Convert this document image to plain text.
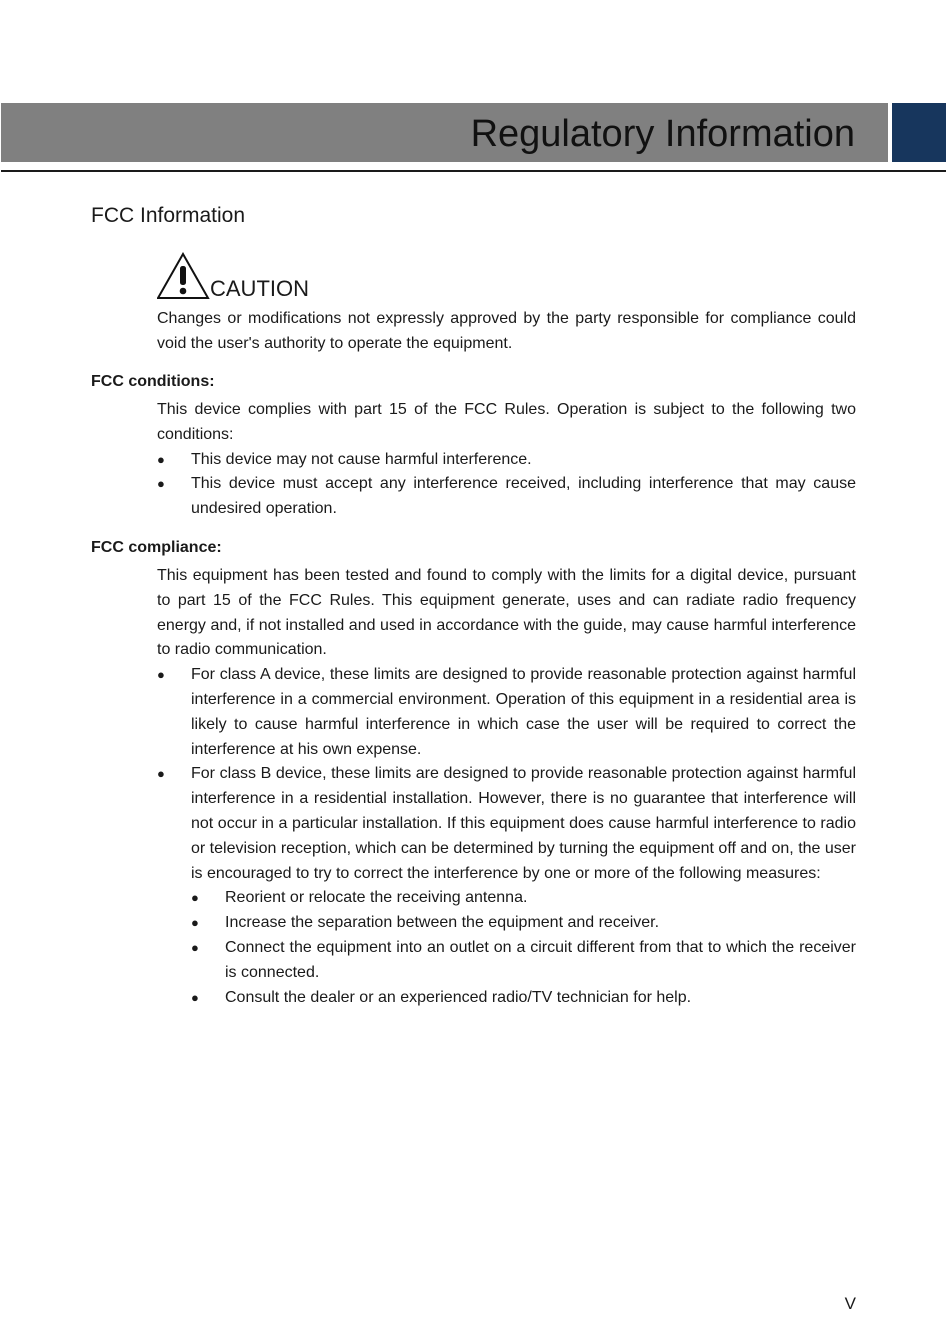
Regulatory Information
FCC Information
CAUTION

Changes or modifications not expressly approved by the party responsible for compliance could void the user's authority to operate the equipment.

FCC conditions:

This device complies with part 15 of the FCC Rules. Operation is subject to the following two conditions:

● This device may not cause harmful interference.
● This device must accept any interference received, including interference that may cause undesired operation.
FCC compliance:

This equipment has been tested and found to comply with the limits for a digital device, pursuant to part 15 of the FCC Rules. This equipment generate, uses and can radiate radio frequency energy and, if not installed and used in accordance with the guide, may cause harmful interference to radio communication.

● For class A device, these limits are designed to provide reasonable protection against harmful interference in a commercial environment. Operation of this equipment in a residential area is likely to cause harmful interference in which case the user will be required to correct the interference at his own expense.
● For class B device, these limits are designed to provide reasonable protection against harmful interference in a residential installation. However, there is no guarantee that interference will not occur in a particular installation. If this equipment does cause harmful interference to radio or television reception, which can be determined by turning the equipment off and on, the user is encouraged to try to correct the interference by one or more of the following measures:
● Reorient or relocate the receiving antenna.
● Increase the separation between the equipment and receiver.
● Connect the equipment into an outlet on a circuit different from that to which the receiver is connected.
● Consult the dealer or an experienced radio/TV technician for help.
V
